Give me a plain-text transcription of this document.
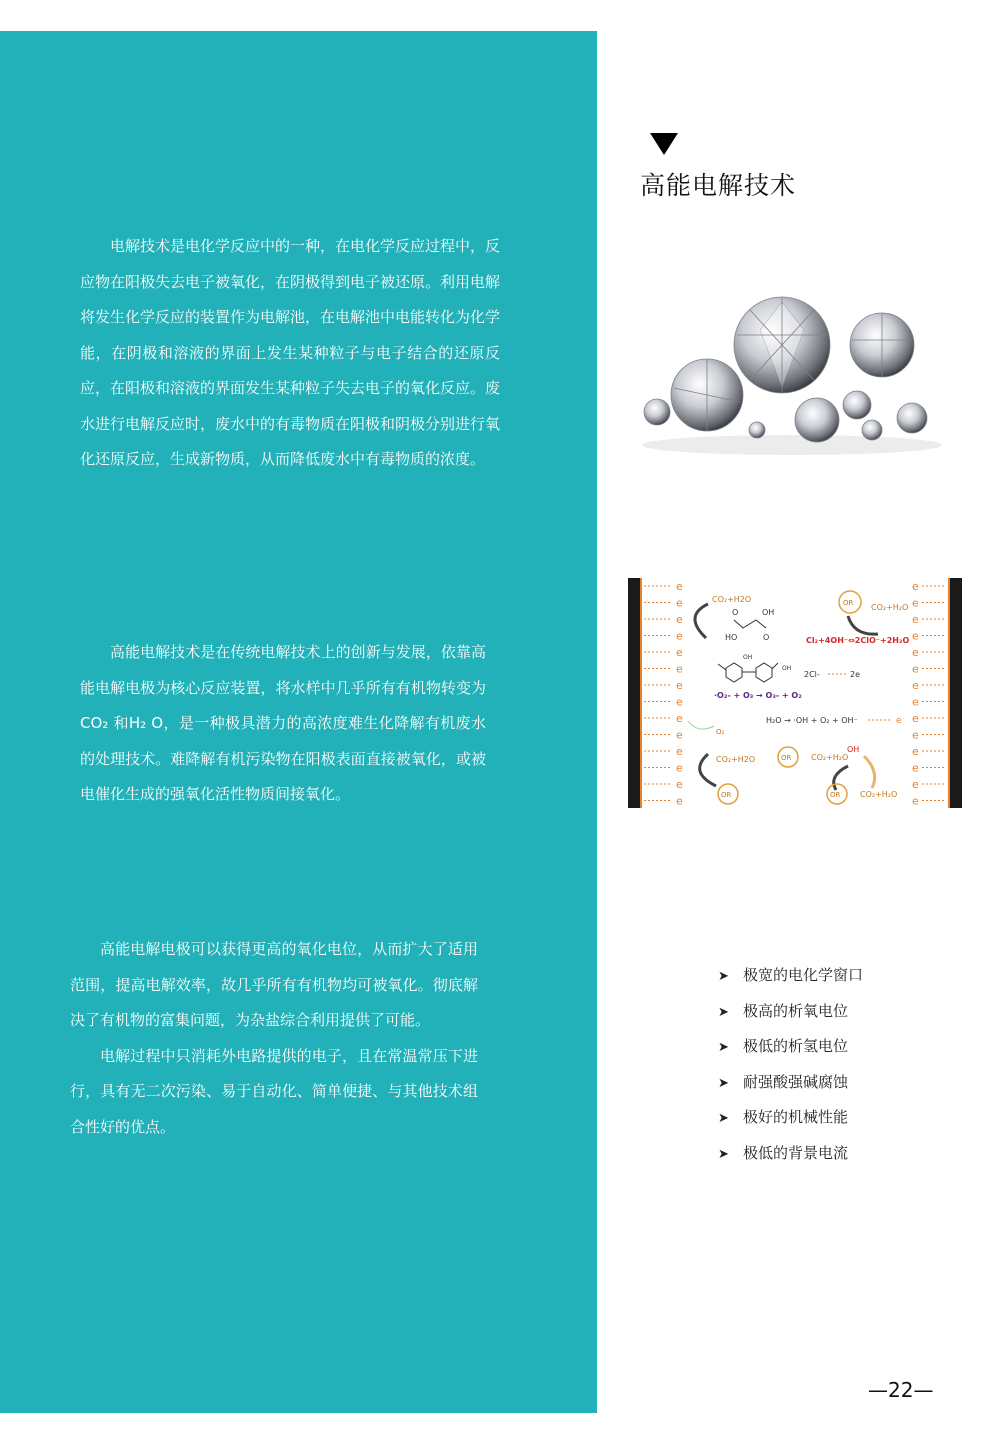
电解技术是电化学反应中的一种，在电化学反应过程中，反应物在阳极失去电子被氧化，在阴极得到电子被还原。利用电解将发生化学反应的装置作为电解池，在电解池中电能转化为化学能，在阴极和溶液的界面上发生某种粒子与电子结合的还原反应，在阳极和溶液的界面发生某种粒子失去电子的氧化反应。废水进行电解反应时，废水中的有毒物质在阳极和阴极分别进行氧化还原反应，生成新物质，从而降低废水中有毒物质的浓度。

高能电解技术是在传统电解技术上的创新与发展，依靠高能电解电极为核心反应装置，将水样中几乎所有有机物转变为CO₂ 和H₂ O，是一种极具潜力的高浓度难生化降解有机废水的处理技术。难降解有机污染物在阳极表面直接被氧化，或被电催化生成的强氧化活性物质间接氧化。

高能电解电极可以获得更高的氧化电位，从而扩大了适用范围，提高电解效率，故几乎所有有机物均可被氧化。彻底解决了有机物的富集问题，为杂盐综合利用提供了可能。

电解过程中只消耗外电路提供的电子，且在常温常压下进行，具有无二次污染、易于自动化、简单便捷、与其他技术组合性好的优点。

高能电解技术
e	e
e	e
e	e
e	e
e	e
e	e
e	e
e	e
e	e
e	e
e	e
e	e
e	e
e	e
CO₂+H2O
O	OH
HO	O
OH
OH
·O₂- + O₃ → O₃- + O₂
O₂
CO₂+H2O
OR
OR CO₂+H₂O
Cl₂+4OH⁻⇔2ClO⁻+2H₂O
2Cl-	2e
H₂O → ·OH + O₂ + OH⁻	e
OR CO₂+H₂O
OH
OR CO₂+H₂O
➤ 极宽的电化学窗口
➤ 极高的析氧电位
➤ 极低的析氢电位
➤ 耐强酸强碱腐蚀
➤ 极好的机械性能
➤ 极低的背景电流
—22—
